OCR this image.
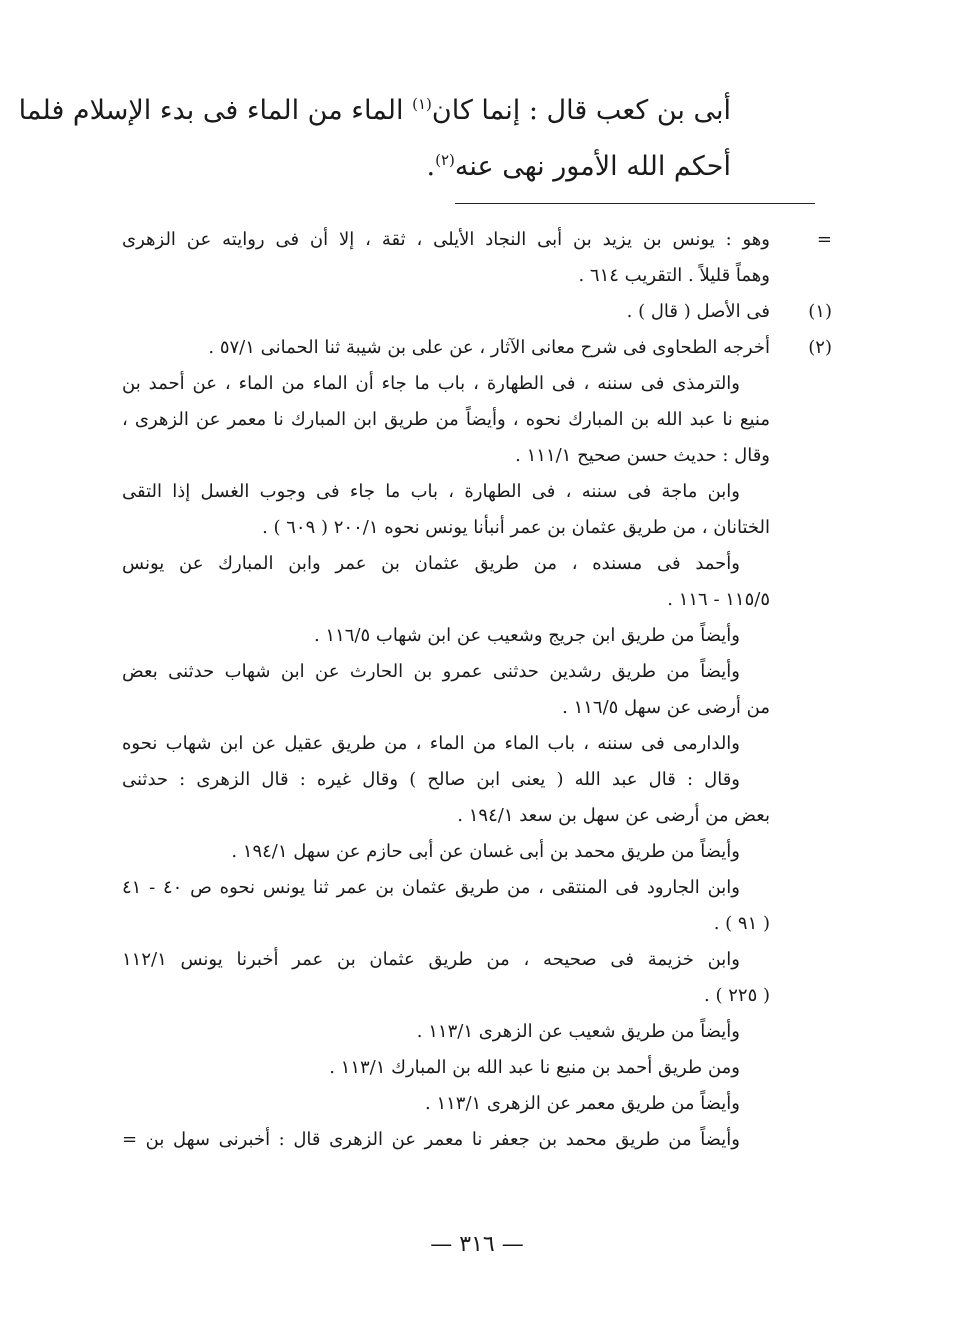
أبى بن كعب قال : إنما كان$^{(١)}$ الماء من الماء فى بدء الإسلام فلما
أحكم الله الأمور نهى عنه$^{(٢)}$.
=
وهو : يونس بن يزيد بن أبى النجاد الأيلى ، ثقة ، إلا أن فى روايته عن الزهرى
وهماً قليلاً . التقريب ٦١٤ .
(١)
فى الأصل ( قال ) .
(٢)
أخرجه الطحاوى فى شرح معانى الآثار ، عن على بن شيبة ثنا الحمانى ٥٧/١ .
والترمذى فى سننه ، فى الطهارة ، باب ما جاء أن الماء من الماء ، عن أحمد بن
منيع نا عبد الله بن المبارك نحوه ، وأيضاً من طريق ابن المبارك نا معمر عن الزهرى ،
وقال : حديث حسن صحيح ١١١/١ .
وابن ماجة فى سننه ، فى الطهارة ، باب ما جاء فى وجوب الغسل إذا التقى
الختانان ، من طريق عثمان بن عمر أنبأنا يونس نحوه ٢٠٠/١ ( ٦٠٩ ) .
وأحمد فى مسنده ، من طريق عثمان بن عمر وابن المبارك عن يونس
١١٥/٥ - ١١٦ .
وأيضاً من طريق ابن جريج وشعيب عن ابن شهاب ١١٦/٥ .
وأيضاً من طريق رشدين حدثنى عمرو بن الحارث عن ابن شهاب حدثنى بعض
من أرضى عن سهل ١١٦/٥ .
والدارمى فى سننه ، باب الماء من الماء ، من طريق عقيل عن ابن شهاب نحوه
وقال : قال عبد الله ( يعنى ابن صالح ) وقال غيره : قال الزهرى : حدثنى
بعض من أرضى عن سهل بن سعد ١٩٤/١ .
وأيضاً من طريق محمد بن أبى غسان عن أبى حازم عن سهل ١٩٤/١ .
وابن الجارود فى المنتقى ، من طريق عثمان بن عمر ثنا يونس نحوه ص ٤٠ - ٤١
( ٩١ ) .
وابن خزيمة فى صحيحه ، من طريق عثمان بن عمر أخبرنا يونس ١١٢/١
( ٢٢٥ ) .
وأيضاً من طريق شعيب عن الزهرى ١١٣/١ .
ومن طريق أحمد بن منيع نا عبد الله بن المبارك ١١٣/١ .
وأيضاً من طريق معمر عن الزهرى ١١٣/١ .
وأيضاً من طريق محمد بن جعفر نا معمر عن الزهرى قال : أخبرنى سهل بن =
— ٣١٦ —
